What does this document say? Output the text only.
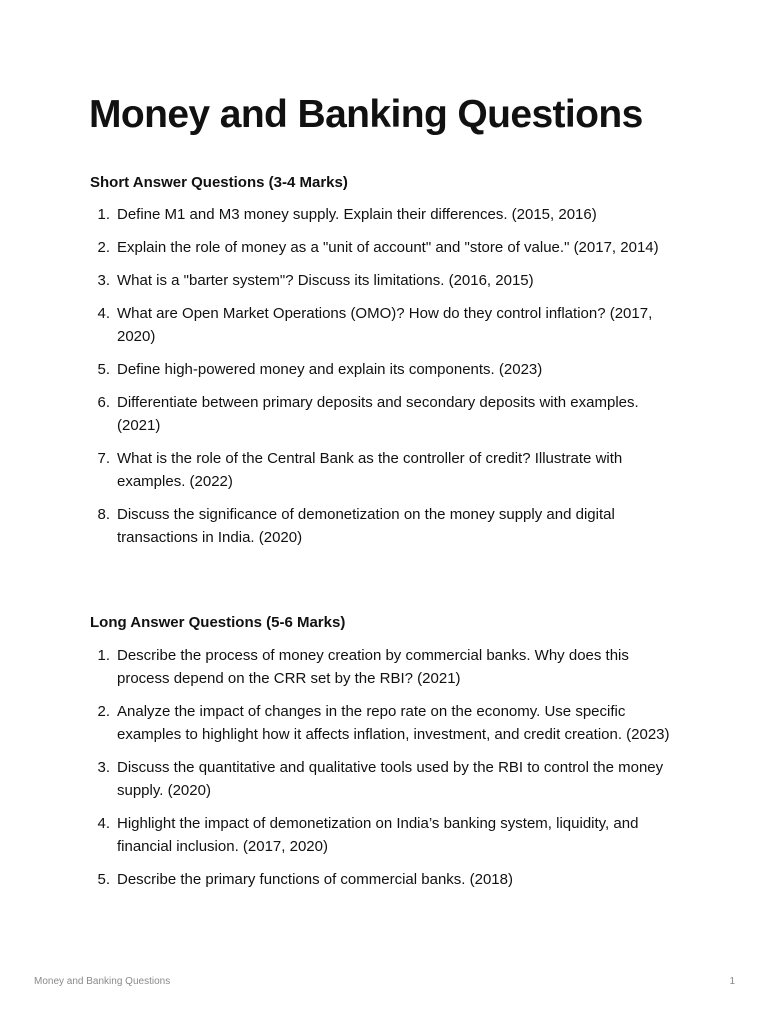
Money and Banking Questions
Short Answer Questions (3-4 Marks)
1. Define M1 and M3 money supply. Explain their differences. (2015, 2016)
2. Explain the role of money as a "unit of account" and "store of value." (2017, 2014)
3. What is a "barter system"? Discuss its limitations. (2016, 2015)
4. What are Open Market Operations (OMO)? How do they control inflation? (2017, 2020)
5. Define high-powered money and explain its components. (2023)
6. Differentiate between primary deposits and secondary deposits with examples. (2021)
7. What is the role of the Central Bank as the controller of credit? Illustrate with examples. (2022)
8. Discuss the significance of demonetization on the money supply and digital transactions in India. (2020)
Long Answer Questions (5-6 Marks)
1. Describe the process of money creation by commercial banks. Why does this process depend on the CRR set by the RBI? (2021)
2. Analyze the impact of changes in the repo rate on the economy. Use specific examples to highlight how it affects inflation, investment, and credit creation. (2023)
3. Discuss the quantitative and qualitative tools used by the RBI to control the money supply. (2020)
4. Highlight the impact of demonetization on India’s banking system, liquidity, and financial inclusion. (2017, 2020)
5. Describe the primary functions of commercial banks. (2018)
Money and Banking Questions	1
